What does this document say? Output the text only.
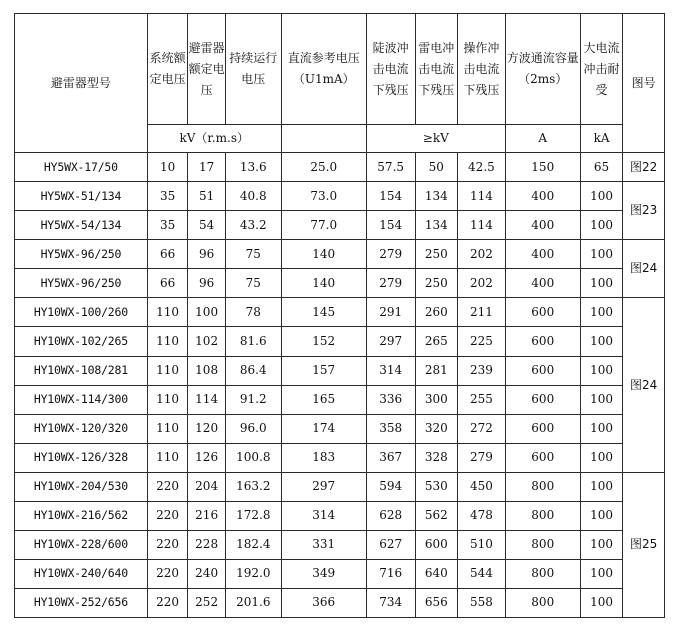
避雷器型号	系统额定电压	避雷器额定电压	持续运行电压	直流参考电压（U1mA）	陡波冲击电流下残压	雷电冲击电流下残压	操作冲击电流下残压	方波通流容量（2ms）	大电流冲击耐受	图号
	kV（r.m.s）				≥kV			A	kA	
HY5WX-17/50	10	17	13.6	25.0	57.5	50	42.5	150	65	图22
HY5WX-51/134	35	51	40.8	73.0	154	134	114	400	100	图23
HY5WX-54/134	35	54	43.2	77.0	154	134	114	400	100	
HY5WX-96/250	66	96	75	140	279	250	202	400	100	图24
HY5WX-96/250	66	96	75	140	279	250	202	400	100	
HY10WX-100/260	110	100	78	145	291	260	211	600	100	图24
HY10WX-102/265	110	102	81.6	152	297	265	225	600	100	
HY10WX-108/281	110	108	86.4	157	314	281	239	600	100	
HY10WX-114/300	110	114	91.2	165	336	300	255	600	100	
HY10WX-120/320	110	120	96.0	174	358	320	272	600	100	
HY10WX-126/328	110	126	100.8	183	367	328	279	600	100	
HY10WX-204/530	220	204	163.2	297	594	530	450	800	100	图25
HY10WX-216/562	220	216	172.8	314	628	562	478	800	100	
HY10WX-228/600	220	228	182.4	331	627	600	510	800	100	
HY10WX-240/640	220	240	192.0	349	716	640	544	800	100	
HY10WX-252/656	220	252	201.6	366	734	656	558	800	100	
